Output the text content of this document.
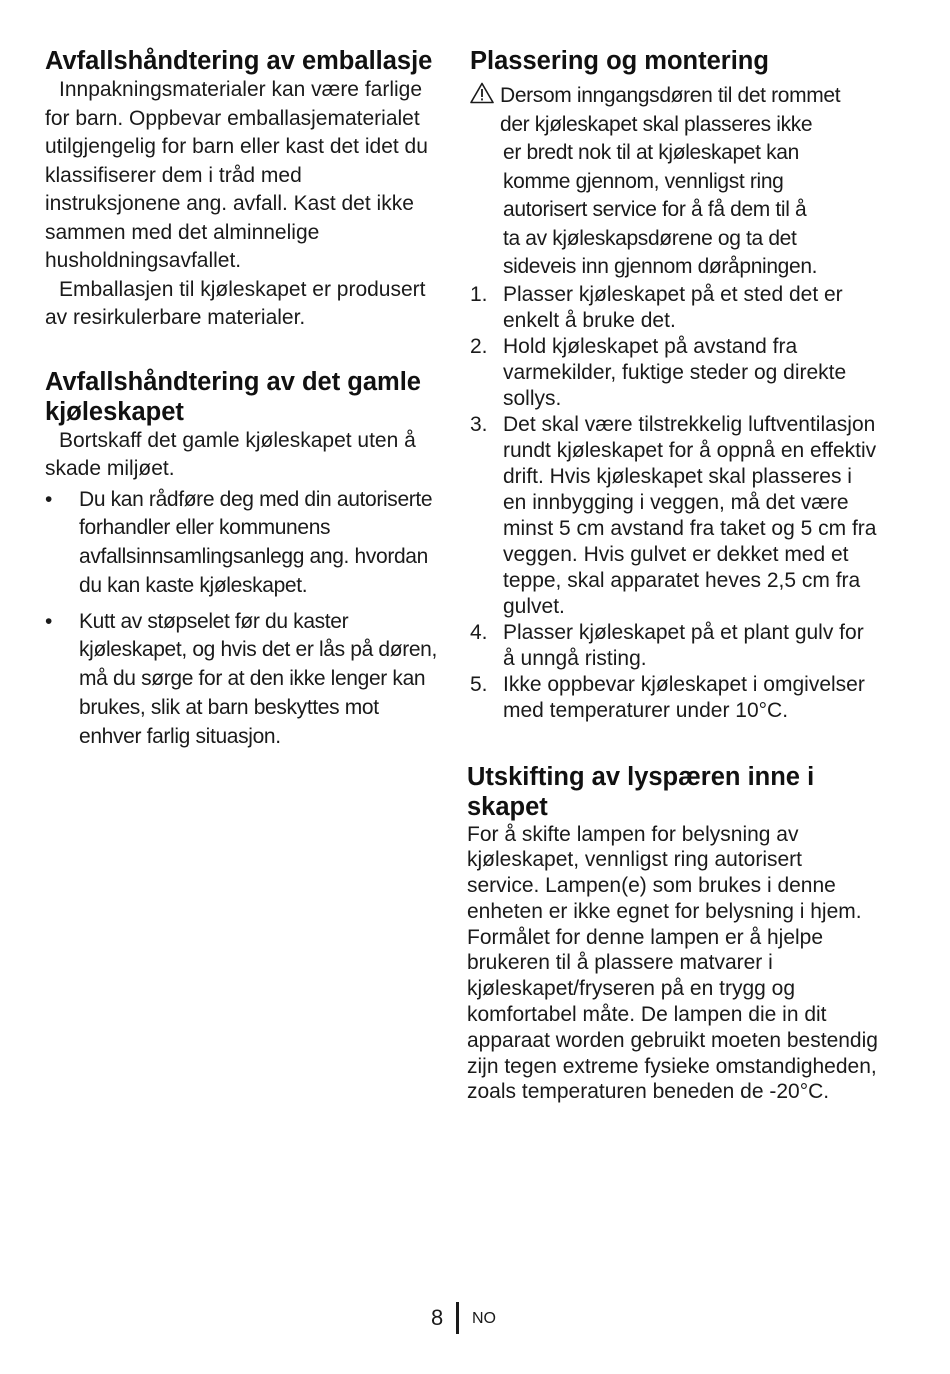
Avfallshåndtering av emballasje

Innpakningsmaterialer kan være farlige for barn. Oppbevar emballasjematerialet utilgjengelig for barn eller kast det idet du klassifiserer dem i tråd med instruksjonene ang. avfall. Kast det ikke sammen med det alminnelige husholdningsavfallet.

Emballasjen til kjøleskapet er produsert av resirkulerbare materialer.

Avfallshåndtering av det gamle kjøleskapet

Bortskaff det gamle kjøleskapet uten å skade miljøet.

•	Du kan rådføre deg med din autoriserte forhandler eller kommunens avfallsinnsamlingsanlegg ang. hvordan du kan kaste kjøleskapet.
•	Kutt av støpselet før du kaster kjøleskapet, og hvis det er lås på døren, må du sørge for at den ikke lenger kan brukes, slik at barn beskyttes mot enhver farlig situasjon.
Plassering og montering
Dersom inngangsdøren til det rommet
der kjøleskapet skal plasseres ikke
er bredt nok til at kjøleskapet kan
komme gjennom, vennligst ring
autorisert service for å få dem til å
ta av kjøleskapsdørene og ta det
sideveis inn gjennom døråpningen.
1. Plasser kjøleskapet på et sted det er enkelt å bruke det.
2. Hold kjøleskapet på avstand fra varmekilder, fuktige steder og direkte sollys.
3. Det skal være tilstrekkelig luftventilasjon rundt kjøleskapet for å oppnå en effektiv drift. Hvis kjøleskapet skal plasseres i en innbygging i veggen, må det være minst 5 cm avstand fra taket og 5 cm fra veggen. Hvis gulvet er dekket med et teppe, skal apparatet heves 2,5 cm fra gulvet.
4. Plasser kjøleskapet på et plant gulv for å unngå risting.
5. Ikke oppbevar kjøleskapet i omgivelser med temperaturer under 10°C.
Utskifting av lyspæren inne i skapet

For å skifte lampen for belysning av kjøleskapet, vennligst ring autorisert service. Lampen(e) som brukes i denne enheten er ikke egnet for belysning i hjem. Formålet for denne lampen er å hjelpe brukeren til å plassere matvarer i kjøleskapet/fryseren på en trygg og komfortabel måte. De lampen die in dit apparaat worden gebruikt moeten bestendig zijn tegen extreme fysieke omstandigheden, zoals temperaturen beneden de -20°C.

8 NO
